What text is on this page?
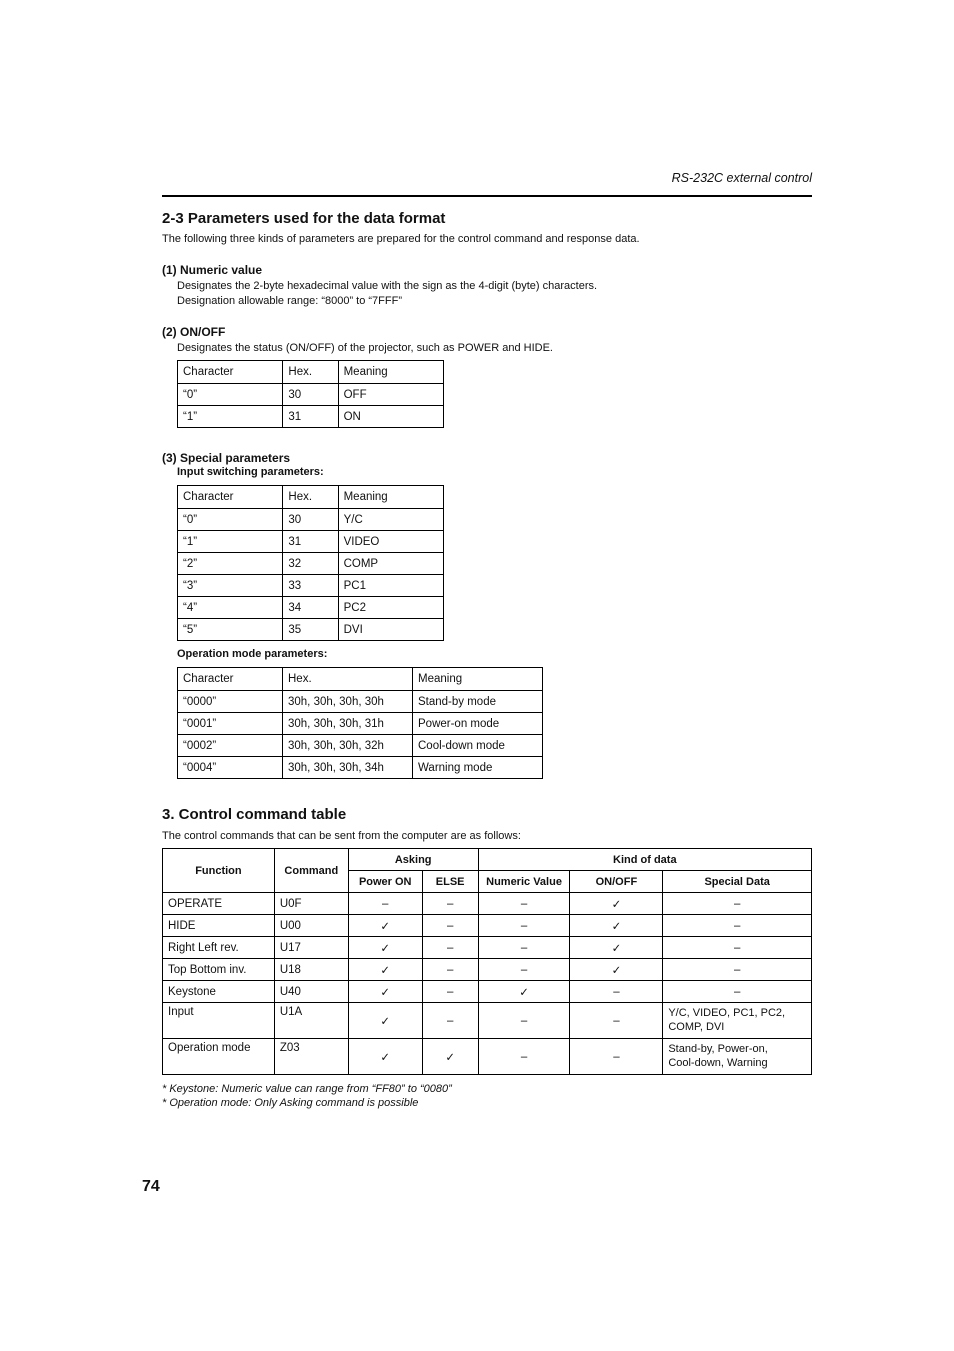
RS-232C external control
2-3 Parameters used for the data format

The following three kinds of parameters are prepared for the control command and response data.

(1) Numeric value

Designates the 2-byte hexadecimal value with the sign as the 4-digit (byte) characters.

Designation allowable range: “8000” to “7FFF”

(2) ON/OFF

Designates the status (ON/OFF) of the projector, such as POWER and HIDE.

Character	Hex.	Meaning
“0”	30	OFF
“1”	31	ON
(3) Special parameters
Input switching parameters:
Character	Hex.	Meaning
“0”	30	Y/C
“1”	31	VIDEO
“2”	32	COMP
“3”	33	PC1
“4”	34	PC2
“5”	35	DVI
Operation mode parameters:
Character	Hex.	Meaning
“0000”	30h, 30h, 30h, 30h	Stand-by mode
“0001”	30h, 30h, 30h, 31h	Power-on mode
“0002”	30h, 30h, 30h, 32h	Cool-down mode
“0004”	30h, 30h, 30h, 34h	Warning mode
3. Control command table

The control commands that can be sent from the computer are as follows:

Function	Command	Asking		Kind of data		
		Power ON	ELSE	Numeric Value	ON/OFF	Special Data
OPERATE	U0F	–	–	–	✓	–
HIDE	U00	✓	–	–	✓	–
Right Left rev.	U17	✓	–	–	✓	–
Top Bottom inv.	U18	✓	–	–	✓	–
Keystone	U40	✓	–	✓	–	–
Input	U1A	✓	–	–	–	Y/C, VIDEO, PC1, PC2,
COMP, DVI
Operation mode	Z03	✓	✓	–	–	Stand-by, Power-on,
Cool-down, Warning
* Keystone: Numeric value can range from “FF80” to “0080”
* Operation mode: Only Asking command is possible
74
